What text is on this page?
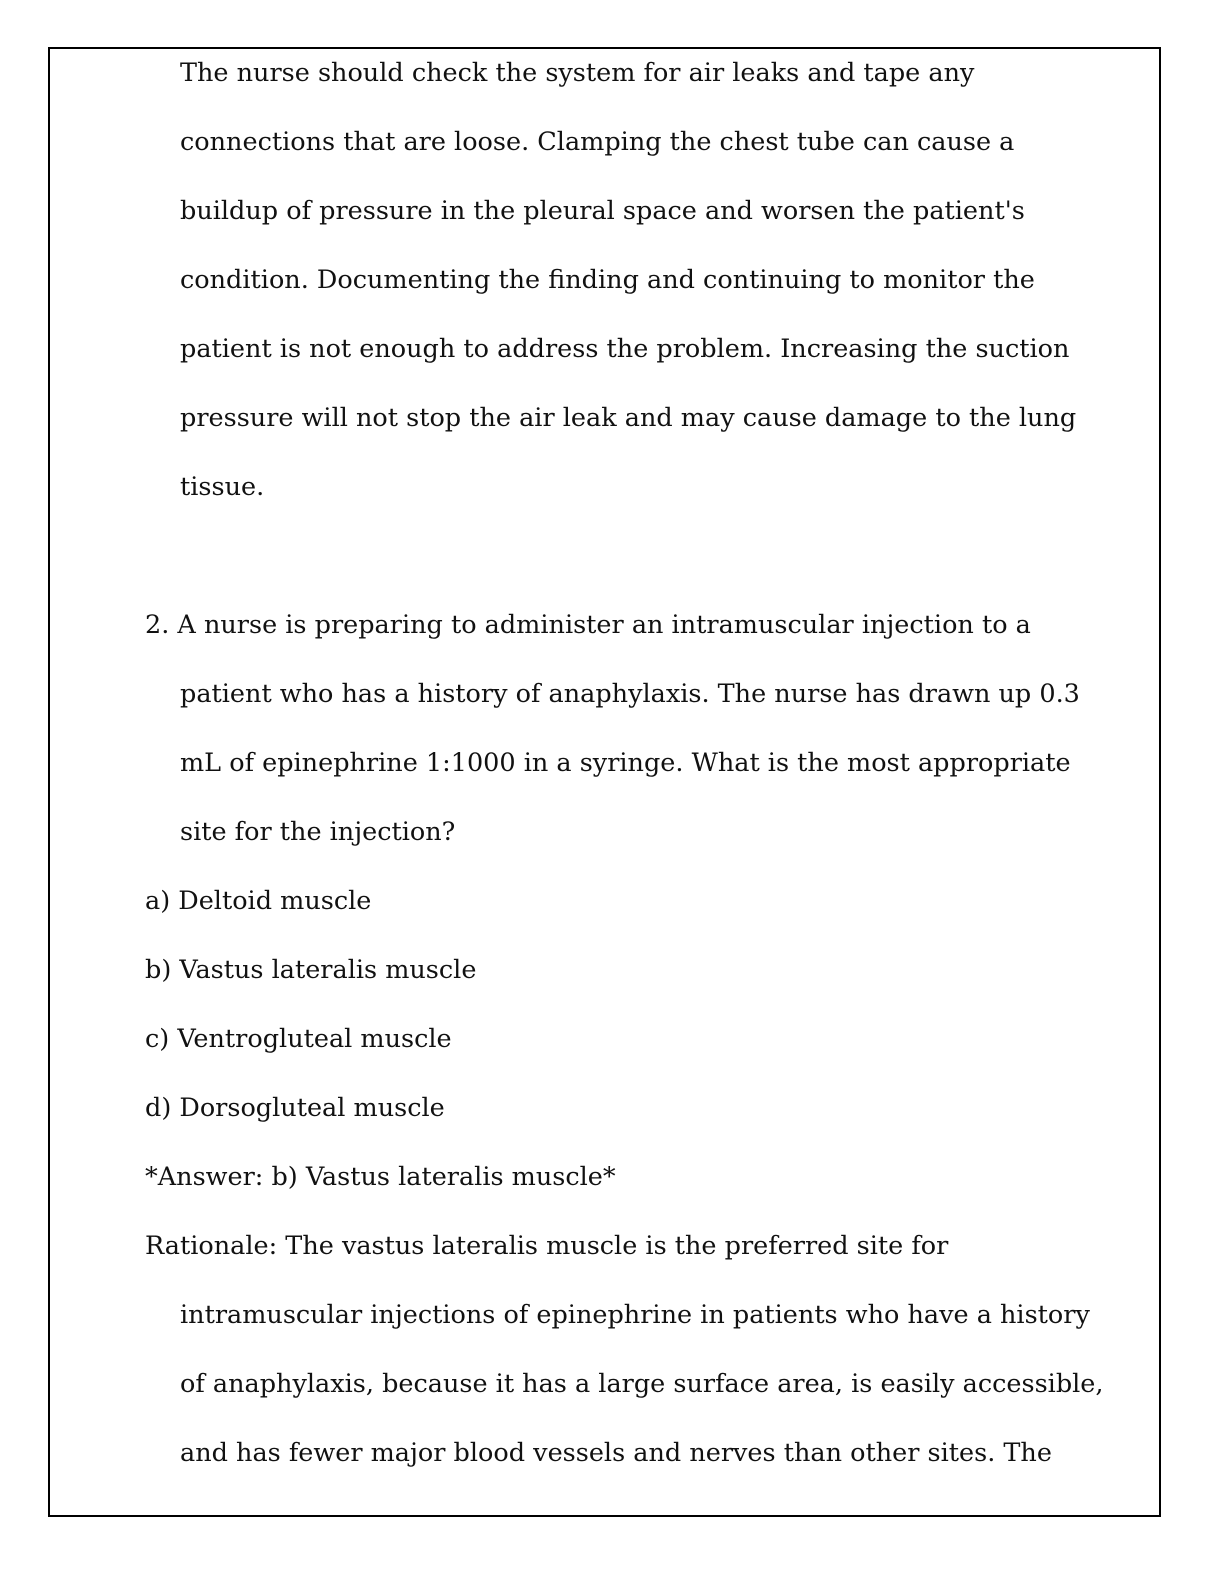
The nurse should check the system for air leaks and tape any
connections that are loose. Clamping the chest tube can cause a
buildup of pressure in the pleural space and worsen the patient's
condition. Documenting the finding and continuing to monitor the
patient is not enough to address the problem. Increasing the suction
pressure will not stop the air leak and may cause damage to the lung
tissue.
2. A nurse is preparing to administer an intramuscular injection to a
patient who has a history of anaphylaxis. The nurse has drawn up 0.3
mL of epinephrine 1:1000 in a syringe. What is the most appropriate
site for the injection?
a) Deltoid muscle
b) Vastus lateralis muscle
c) Ventrogluteal muscle
d) Dorsogluteal muscle
*Answer: b) Vastus lateralis muscle*
Rationale: The vastus lateralis muscle is the preferred site for
intramuscular injections of epinephrine in patients who have a history
of anaphylaxis, because it has a large surface area, is easily accessible,
and has fewer major blood vessels and nerves than other sites. The
